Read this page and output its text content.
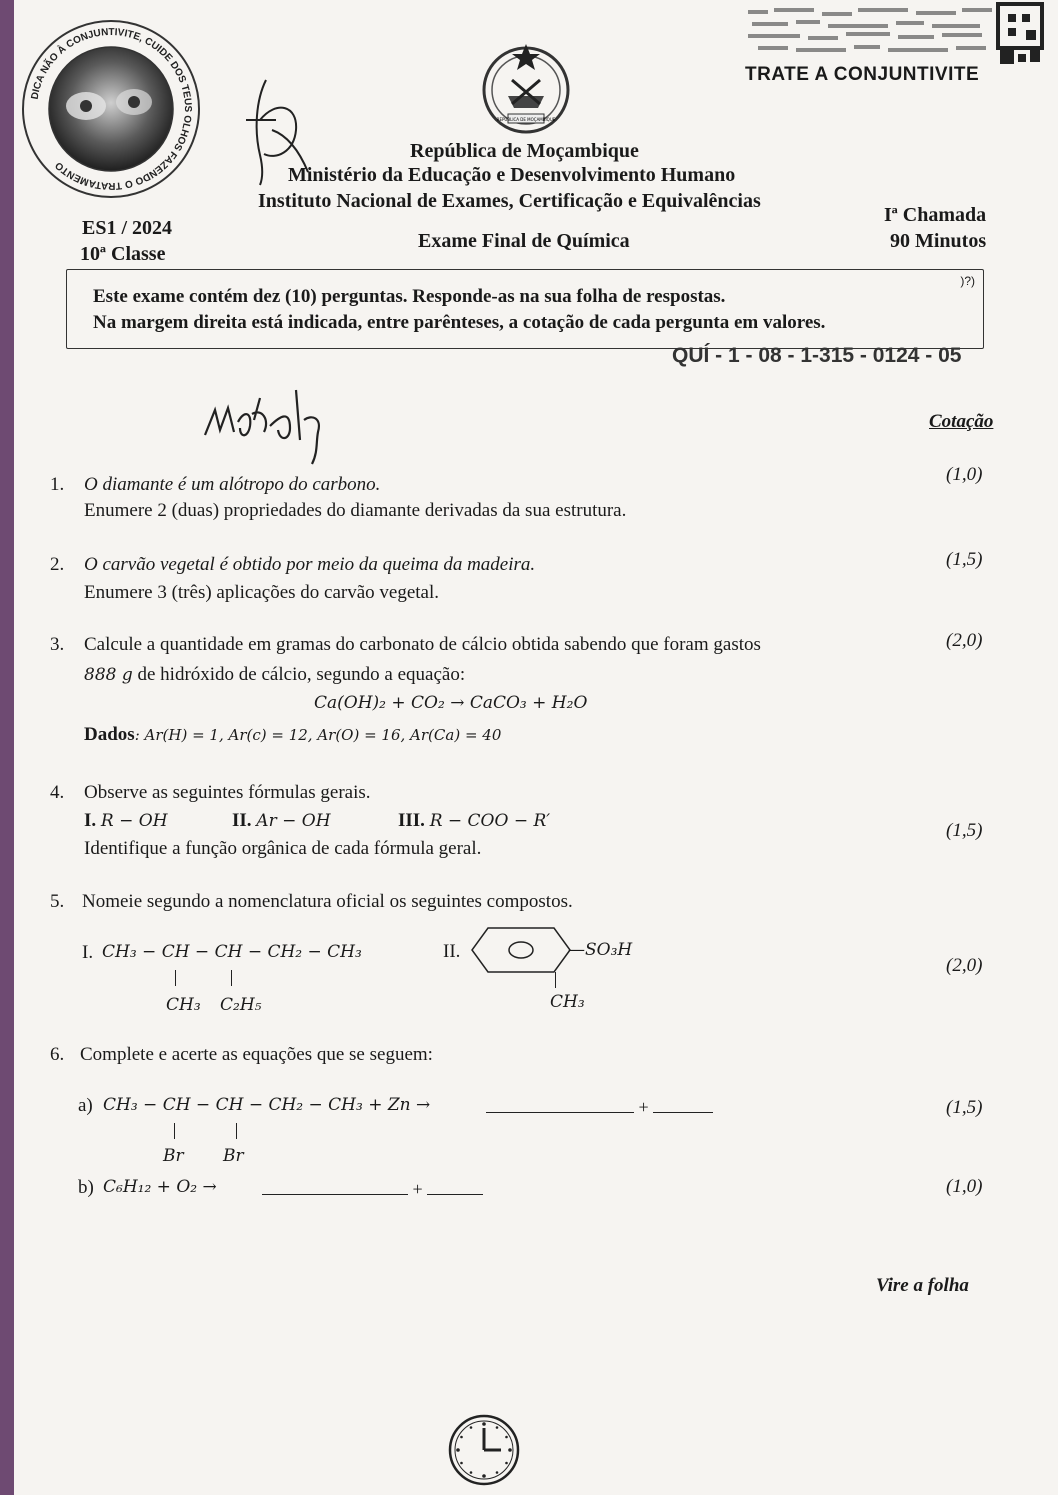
DICA NÃO À CONJUNTIVITE, CUIDE DOS TEUS OLHOS FAZENDO O TRATAMENTO
TRATE A CONJUNTIVITE
REPÚBLICA DE MOÇAMBIQUE
República de Moçambique
Ministério da Educação e Desenvolvimento Humano
Instituto Nacional de Exames, Certificação e Equivalências
ES1 / 2024
10ª Classe
Exame Final de Química
Iª Chamada
90 Minutos
Este exame contém dez (10) perguntas. Responde-as na sua folha de respostas.
Na margem direita está indicada, entre parênteses, a cotação de cada pergunta em valores.
)?)
QUÍ - 1 - 08 - 1-315 - 0124 - 05
Cotação
1. O diamante é um alótropo do carbono.
Enumere 2 (duas) propriedades do diamante derivadas da sua estrutura.
(1,0)
2. O carvão vegetal é obtido por meio da queima da madeira.
Enumere 3 (três) aplicações do carvão vegetal.
(1,5)
3. Calcule a quantidade em gramas do carbonato de cálcio obtida sabendo que foram gastos
888 g de hidróxido de cálcio, segundo a equação:
Ca(OH)₂ + CO₂ → CaCO₃ + H₂O
Dados: Ar(H) = 1, Ar(c) = 12, Ar(O) = 16, Ar(Ca) = 40
(2,0)
4. Observe as seguintes fórmulas gerais.
I. R − OH	II. Ar − OH	III. R − COO − R′
Identifique a função orgânica de cada fórmula geral.
(1,5)
5. Nomeie segundo a nomenclatura oficial os seguintes compostos.
I. CH₃ − CH − CH − CH₂ − CH₃
CH₃ C₂H₅
II.	—SO₃H
CH₃
(2,0)
6. Complete e acerte as equações que se seguem:
a) CH₃ − CH − CH − CH₂ − CH₃ + Zn →	+
Br Br
(1,5)
b) C₆H₁₂ + O₂ →	+	(1,0)
Vire a folha
